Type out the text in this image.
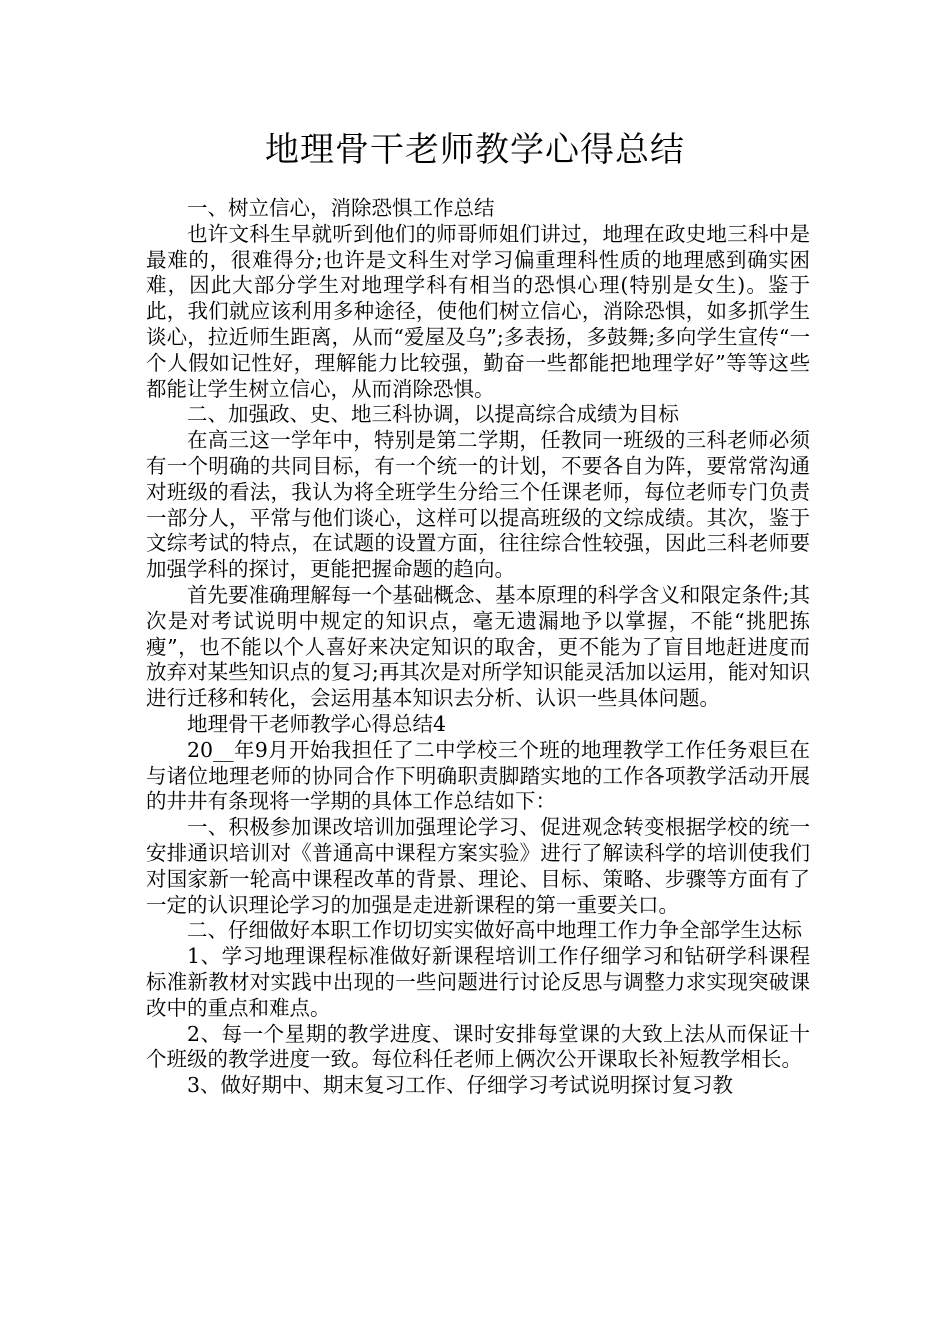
地理骨干老师教学心得总结

一、树立信心，消除恐惧工作总结

也许文科生早就听到他们的师哥师姐们讲过，地理在政史地三科中是最难的，很难得分;也许是文科生对学习偏重理科性质的地理感到确实困难，因此大部分学生对地理学科有相当的恐惧心理(特别是女生)。鉴于此，我们就应该利用多种途径，使他们树立信心，消除恐惧，如多抓学生谈心，拉近师生距离，从而“爱屋及乌”;多表扬，多鼓舞;多向学生宣传“一个人假如记性好，理解能力比较强，勤奋一些都能把地理学好”等等这些都能让学生树立信心，从而消除恐惧。

二、加强政、史、地三科协调，以提高综合成绩为目标

在高三这一学年中，特别是第二学期，任教同一班级的三科老师必须有一个明确的共同目标，有一个统一的计划，不要各自为阵，要常常沟通对班级的看法，我认为将全班学生分给三个任课老师，每位老师专门负责一部分人，平常与他们谈心，这样可以提高班级的文综成绩。其次，鉴于文综考试的特点，在试题的设置方面，往往综合性较强，因此三科老师要加强学科的探讨，更能把握命题的趋向。

首先要准确理解每一个基础概念、基本原理的科学含义和限定条件;其次是对考试说明中规定的知识点，毫无遗漏地予以掌握，不能“挑肥拣瘦”，也不能以个人喜好来决定知识的取舍，更不能为了盲目地赶进度而放弃对某些知识点的复习;再其次是对所学知识能灵活加以运用，能对知识进行迁移和转化，会运用基本知识去分析、认识一些具体问题。

地理骨干老师教学心得总结4

20__年9月开始我担任了二中学校三个班的地理教学工作任务艰巨在与诸位地理老师的协同合作下明确职责脚踏实地的工作各项教学活动开展的井井有条现将一学期的具体工作总结如下：

一、积极参加课改培训加强理论学习、促进观念转变根据学校的统一安排通识培训对《普通高中课程方案实验》进行了解读科学的培训使我们对国家新一轮高中课程改革的背景、理论、目标、策略、步骤等方面有了一定的认识理论学习的加强是走进新课程的第一重要关口。

二、仔细做好本职工作切切实实做好高中地理工作力争全部学生达标

1、学习地理课程标准做好新课程培训工作仔细学习和钻研学科课程标准新教材对实践中出现的一些问题进行讨论反思与调整力求实现突破课改中的重点和难点。

2、每一个星期的教学进度、课时安排每堂课的大致上法从而保证十个班级的教学进度一致。每位科任老师上俩次公开课取长补短教学相长。

3、做好期中、期末复习工作、仔细学习考试说明探讨复习教
